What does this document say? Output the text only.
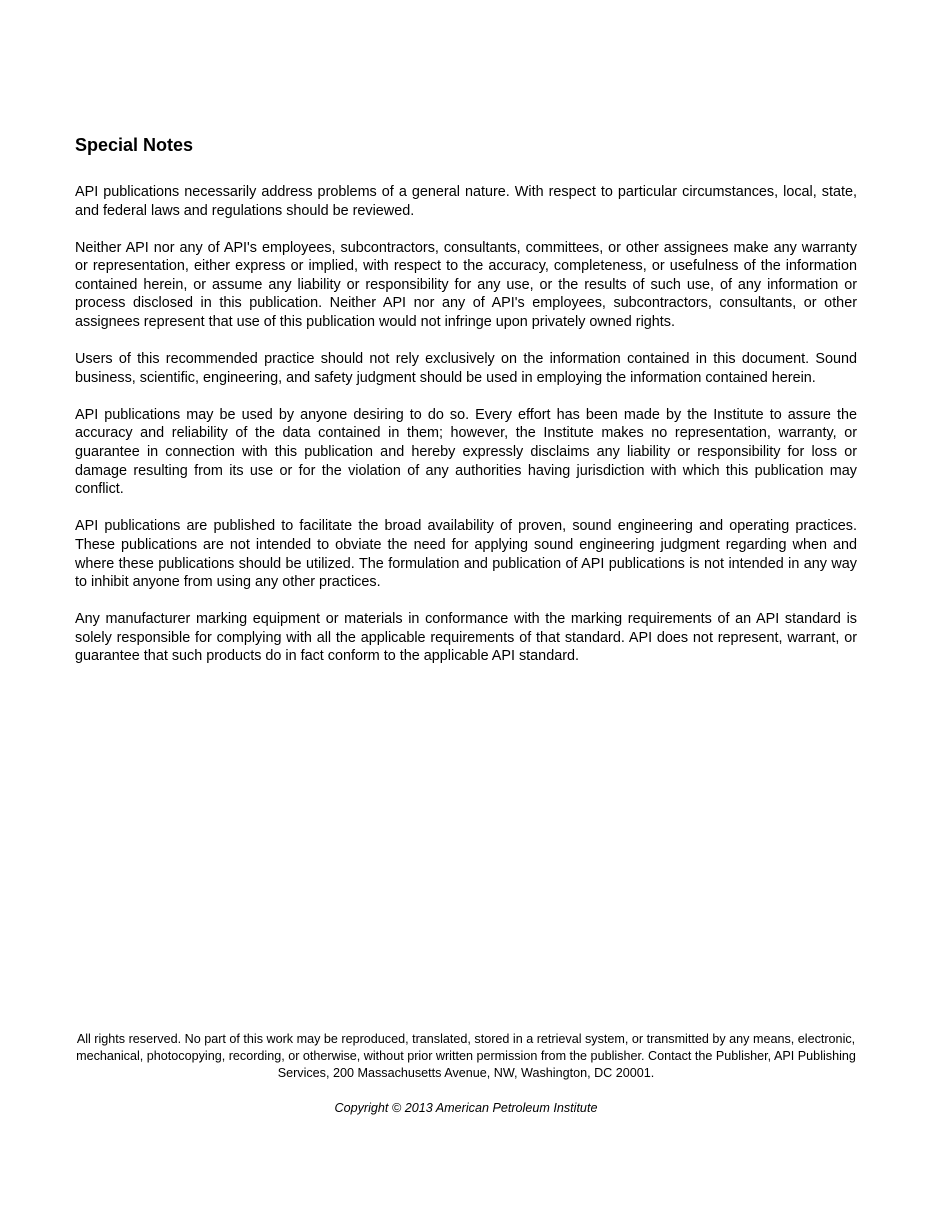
Special Notes

API publications necessarily address problems of a general nature. With respect to particular circumstances, local, state, and federal laws and regulations should be reviewed.

Neither API nor any of API's employees, subcontractors, consultants, committees, or other assignees make any warranty or representation, either express or implied, with respect to the accuracy, completeness, or usefulness of the information contained herein, or assume any liability or responsibility for any use, or the results of such use, of any information or process disclosed in this publication. Neither API nor any of API's employees, subcontractors, consultants, or other assignees represent that use of this publication would not infringe upon privately owned rights.

Users of this recommended practice should not rely exclusively on the information contained in this document. Sound business, scientific, engineering, and safety judgment should be used in employing the information contained herein.

API publications may be used by anyone desiring to do so. Every effort has been made by the Institute to assure the accuracy and reliability of the data contained in them; however, the Institute makes no representation, warranty, or guarantee in connection with this publication and hereby expressly disclaims any liability or responsibility for loss or damage resulting from its use or for the violation of any authorities having jurisdiction with which this publication may conflict.

API publications are published to facilitate the broad availability of proven, sound engineering and operating practices. These publications are not intended to obviate the need for applying sound engineering judgment regarding when and where these publications should be utilized. The formulation and publication of API publications is not intended in any way to inhibit anyone from using any other practices.

Any manufacturer marking equipment or materials in conformance with the marking requirements of an API standard is solely responsible for complying with all the applicable requirements of that standard. API does not represent, warrant, or guarantee that such products do in fact conform to the applicable API standard.

All rights reserved. No part of this work may be reproduced, translated, stored in a retrieval system, or transmitted by any means, electronic, mechanical, photocopying, recording, or otherwise, without prior written permission from the publisher. Contact the Publisher, API Publishing Services, 200 Massachusetts Avenue, NW, Washington, DC 20001.

Copyright © 2013 American Petroleum Institute
